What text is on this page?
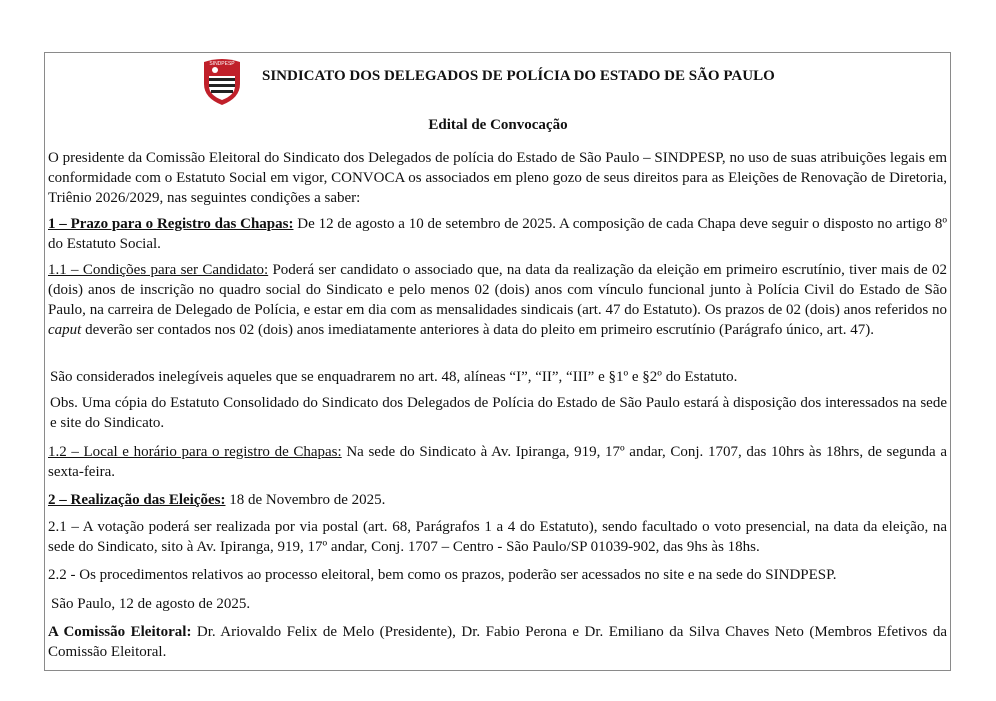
SINDPESP
SINDICATO DOS DELEGADOS DE POLÍCIA DO ESTADO DE SÃO PAULO
Edital de Convocação

O presidente da Comissão Eleitoral do Sindicato dos Delegados de polícia do Estado de São Paulo – SINDPESP, no uso de suas atribuições legais em conformidade com o Estatuto Social em vigor, CONVOCA os associados em pleno gozo de seus direitos para as Eleições de Renovação de Diretoria, Triênio 2026/2029, nas seguintes condições a saber:

1 – Prazo para o Registro das Chapas: De 12 de agosto a 10 de setembro de 2025. A composição de cada Chapa deve seguir o disposto no artigo 8º do Estatuto Social.

1.1 – Condições para ser Candidato: Poderá ser candidato o associado que, na data da realização da eleição em primeiro escrutínio, tiver mais de 02 (dois) anos de inscrição no quadro social do Sindicato e pelo menos 02 (dois) anos com vínculo funcional junto à Polícia Civil do Estado de São Paulo, na carreira de Delegado de Polícia, e estar em dia com as mensalidades sindicais (art. 47 do Estatuto). Os prazos de 02 (dois) anos referidos no caput deverão ser contados nos 02 (dois) anos imediatamente anteriores à data do pleito em primeiro escrutínio (Parágrafo único, art. 47).

São considerados inelegíveis aqueles que se enquadrarem no art. 48, alíneas “I”, “II”, “III” e §1º e §2º do Estatuto.

Obs. Uma cópia do Estatuto Consolidado do Sindicato dos Delegados de Polícia do Estado de São Paulo estará à disposição dos interessados na sede e site do Sindicato.

1.2 – Local e horário para o registro de Chapas: Na sede do Sindicato à Av. Ipiranga, 919, 17º andar, Conj. 1707, das 10hrs às 18hrs, de segunda a sexta-feira.

2 – Realização das Eleições: 18 de Novembro de 2025.

2.1 – A votação poderá ser realizada por via postal (art. 68, Parágrafos 1 a 4 do Estatuto), sendo facultado o voto presencial, na data da eleição, na sede do Sindicato, sito à Av. Ipiranga, 919, 17º andar, Conj. 1707 – Centro - São Paulo/SP 01039-902, das 9hs às 18hs.

2.2 - Os procedimentos relativos ao processo eleitoral, bem como os prazos, poderão ser acessados no site e na sede do SINDPESP.

São Paulo, 12 de agosto de 2025.

A Comissão Eleitoral: Dr. Ariovaldo Felix de Melo (Presidente), Dr. Fabio Perona e Dr. Emiliano da Silva Chaves Neto (Membros Efetivos da Comissão Eleitoral.
